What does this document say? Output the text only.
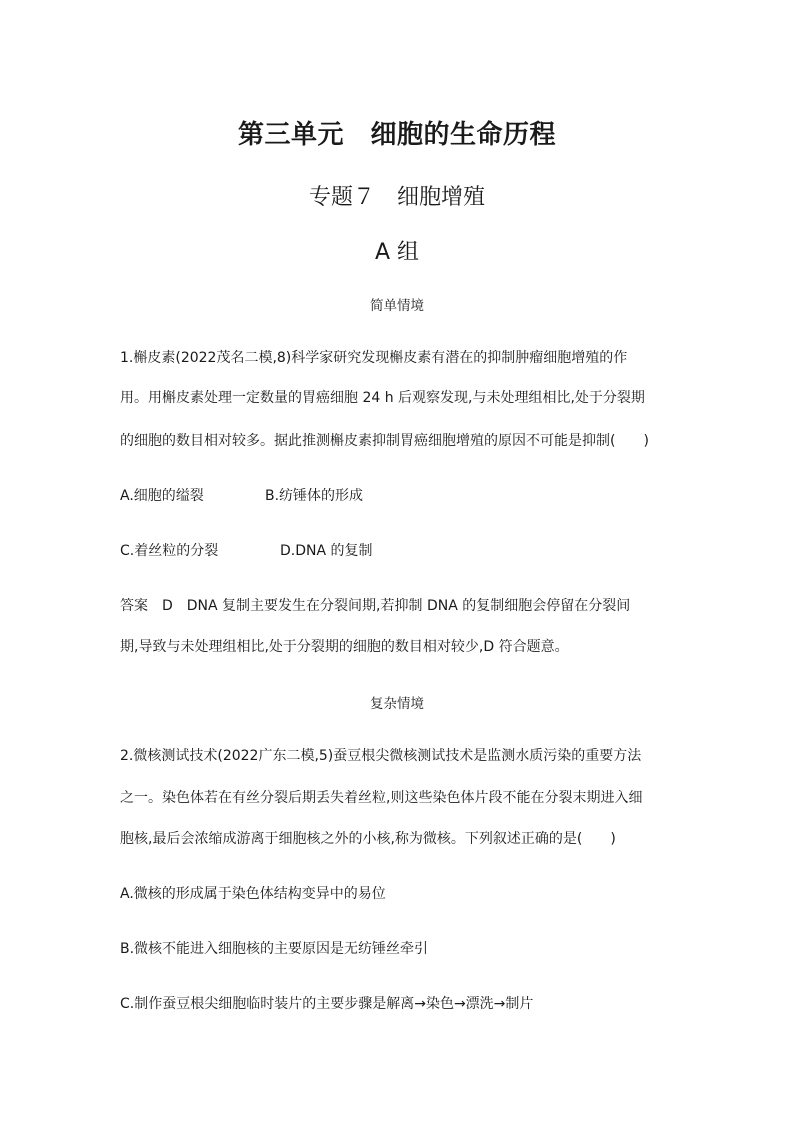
第三单元　细胞的生命历程
专题７　细胞增殖
A 组
简单情境
1.槲皮素(2022茂名二模,8)科学家研究发现槲皮素有潜在的抑制肿瘤细胞增殖的作
用。用槲皮素处理一定数量的胃癌细胞 24 h 后观察发现,与未处理组相比,处于分裂期
的细胞的数目相对较多。据此推测槲皮素抑制胃癌细胞增殖的原因不可能是抑制(　　)
A.细胞的缢裂	B.纺锤体的形成
C.着丝粒的分裂	D.DNA 的复制
答案　D　DNA 复制主要发生在分裂间期,若抑制 DNA 的复制细胞会停留在分裂间
期,导致与未处理组相比,处于分裂期的细胞的数目相对较少,D 符合题意。
复杂情境
2.微核测试技术(2022广东二模,5)蚕豆根尖微核测试技术是监测水质污染的重要方法
之一。染色体若在有丝分裂后期丢失着丝粒,则这些染色体片段不能在分裂末期进入细
胞核,最后会浓缩成游离于细胞核之外的小核,称为微核。下列叙述正确的是(　　)
A.微核的形成属于染色体结构变异中的易位
B.微核不能进入细胞核的主要原因是无纺锤丝牵引
C.制作蚕豆根尖细胞临时装片的主要步骤是解离→染色→漂洗→制片
